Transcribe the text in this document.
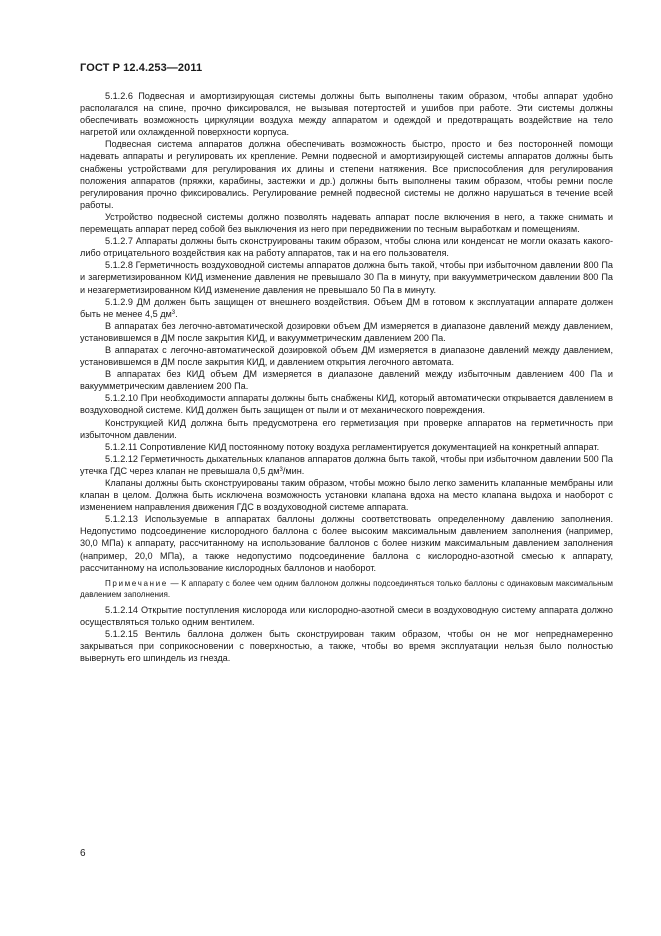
ГОСТ Р 12.4.253—2011

5.1.2.6 Подвесная и амортизирующая системы должны быть выполнены таким образом, чтобы аппарат удобно располагался на спине, прочно фиксировался, не вызывая потертостей и ушибов при работе. Эти системы должны обеспечивать возможность циркуляции воздуха между аппаратом и одеждой и предотвращать воздействие на тело нагретой или охлажденной поверхности корпуса.

Подвесная система аппаратов должна обеспечивать возможность быстро, просто и без посторонней помощи надевать аппараты и регулировать их крепление. Ремни подвесной и амортизирующей системы аппаратов должны быть снабжены устройствами для регулирования их длины и степени натяжения. Все приспособления для регулирования положения аппаратов (пряжки, карабины, застежки и др.) должны быть выполнены таким образом, чтобы ремни после регулирования прочно фиксировались. Регулирование ремней подвесной системы не должно нарушаться в течение всей работы.

Устройство подвесной системы должно позволять надевать аппарат после включения в него, а также снимать и перемещать аппарат перед собой без выключения из него при передвижении по тесным выработкам и помещениям.

5.1.2.7 Аппараты должны быть сконструированы таким образом, чтобы слюна или конденсат не могли оказать какого-либо отрицательного воздействия как на работу аппаратов, так и на его пользователя.

5.1.2.8 Герметичность воздуховодной системы аппаратов должна быть такой, чтобы при избыточном давлении 800 Па и загерметизированном КИД изменение давления не превышало 30 Па в минуту, при вакуумметрическом давлении 800 Па и незагерметизированном КИД изменение давления не превышало 50 Па в минуту.

5.1.2.9 ДМ должен быть защищен от внешнего воздействия. Объем ДМ в готовом к эксплуатации аппарате должен быть не менее 4,5 $дм^3$.

В аппаратах без легочно-автоматической дозировки объем ДМ измеряется в диапазоне давлений между давлением, установившемся в ДМ после закрытия КИД, и вакуумметрическим давлением 200 Па.

В аппаратах с легочно-автоматической дозировкой объем ДМ измеряется в диапазоне давлений между давлением, установившемся в ДМ после закрытия КИД, и давлением открытия легочного автомата.

В аппаратах без КИД объем ДМ измеряется в диапазоне давлений между избыточным давлением 400 Па и вакуумметрическим давлением 200 Па.

5.1.2.10 При необходимости аппараты должны быть снабжены КИД, который автоматически открывается давлением в воздуховодной системе. КИД должен быть защищен от пыли и от механического повреждения.

Конструкцией КИД должна быть предусмотрена его герметизация при проверке аппаратов на герметичность при избыточном давлении.

5.1.2.11 Сопротивление КИД постоянному потоку воздуха регламентируется документацией на конкретный аппарат.

5.1.2.12 Герметичность дыхательных клапанов аппаратов должна быть такой, чтобы при избыточном давлении 500 Па утечка ГДС через клапан не превышала 0,5 $дм^3$/мин.

Клапаны должны быть сконструированы таким образом, чтобы можно было легко заменить клапанные мембраны или клапан в целом. Должна быть исключена возможность установки клапана вдоха на место клапана выдоха и наоборот с изменением направления движения ГДС в воздуховодной системе аппарата.

5.1.2.13 Используемые в аппаратах баллоны должны соответствовать определенному давлению заполнения. Недопустимо подсоединение кислородного баллона с более высоким максимальным давлением заполнения (например, 30,0 МПа) к аппарату, рассчитанному на использование баллонов с более низким максимальным давлением заполнения (например, 20,0 МПа), а также недопустимо подсоединение баллона с кислородно-азотной смесью к аппарату, рассчитанному на использование кислородных баллонов и наоборот.

Примечание — К аппарату с более чем одним баллоном должны подсоединяться только баллоны с одинаковым максимальным давлением заполнения.

5.1.2.14 Открытие поступления кислорода или кислородно-азотной смеси в воздуховодную систему аппарата должно осуществляться только одним вентилем.

5.1.2.15 Вентиль баллона должен быть сконструирован таким образом, чтобы он не мог непреднамеренно закрываться при соприкосновении с поверхностью, а также, чтобы во время эксплуатации нельзя было полностью вывернуть его шпиндель из гнезда.

6
